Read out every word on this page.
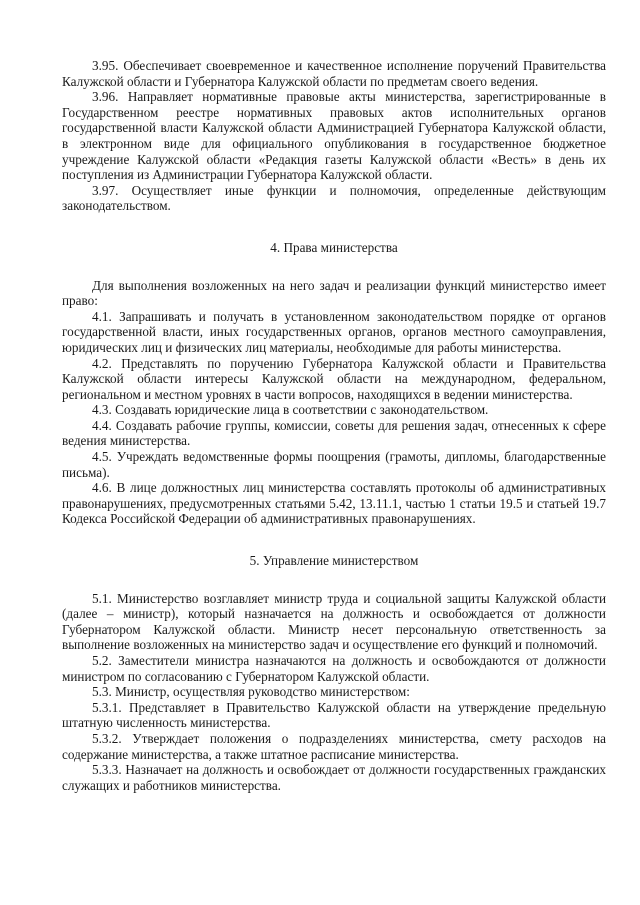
3.95. Обеспечивает своевременное и качественное исполнение поручений Правительства Калужской области и Губернатора Калужской области по предметам своего ведения.

3.96. Направляет нормативные правовые акты министерства, зарегистрированные в Государственном реестре нормативных правовых актов исполнительных органов государственной власти Калужской области Администрацией Губернатора Калужской области, в электронном виде для официального опубликования в государственное бюджетное учреждение Калужской области «Редакция газеты Калужской области «Весть» в день их поступления из Администрации Губернатора Калужской области.

3.97. Осуществляет иные функции и полномочия, определенные действующим законодательством.

4. Права министерства

Для выполнения возложенных на него задач и реализации функций министерство имеет право:

4.1. Запрашивать и получать в установленном законодательством порядке от органов государственной власти, иных государственных органов, органов местного самоуправления, юридических лиц и физических лиц материалы, необходимые для работы министерства.

4.2. Представлять по поручению Губернатора Калужской области и Правительства Калужской области интересы Калужской области на международном, федеральном, региональном и местном уровнях в части вопросов, находящихся в ведении министерства.

4.3. Создавать юридические лица в соответствии с законодательством.

4.4. Создавать рабочие группы, комиссии, советы для решения задач, отнесенных к сфере ведения министерства.

4.5. Учреждать ведомственные формы поощрения (грамоты, дипломы, благодарственные письма).

4.6. В лице должностных лиц министерства составлять протоколы об административных правонарушениях, предусмотренных статьями 5.42, 13.11.1, частью 1 статьи 19.5 и статьей 19.7 Кодекса Российской Федерации об административных правонарушениях.

5. Управление министерством

5.1. Министерство возглавляет министр труда и социальной защиты Калужской области (далее – министр), который назначается на должность и освобождается от должности Губернатором Калужской области. Министр несет персональную ответственность за выполнение возложенных на министерство задач и осуществление его функций и полномочий.

5.2. Заместители министра назначаются на должность и освобождаются от должности министром по согласованию с Губернатором Калужской области.

5.3. Министр, осуществляя руководство министерством:

5.3.1. Представляет в Правительство Калужской области на утверждение предельную штатную численность министерства.

5.3.2. Утверждает положения о подразделениях министерства, смету расходов на содержание министерства, а также штатное расписание министерства.

5.3.3. Назначает на должность и освобождает от должности государственных гражданских служащих и работников министерства.
